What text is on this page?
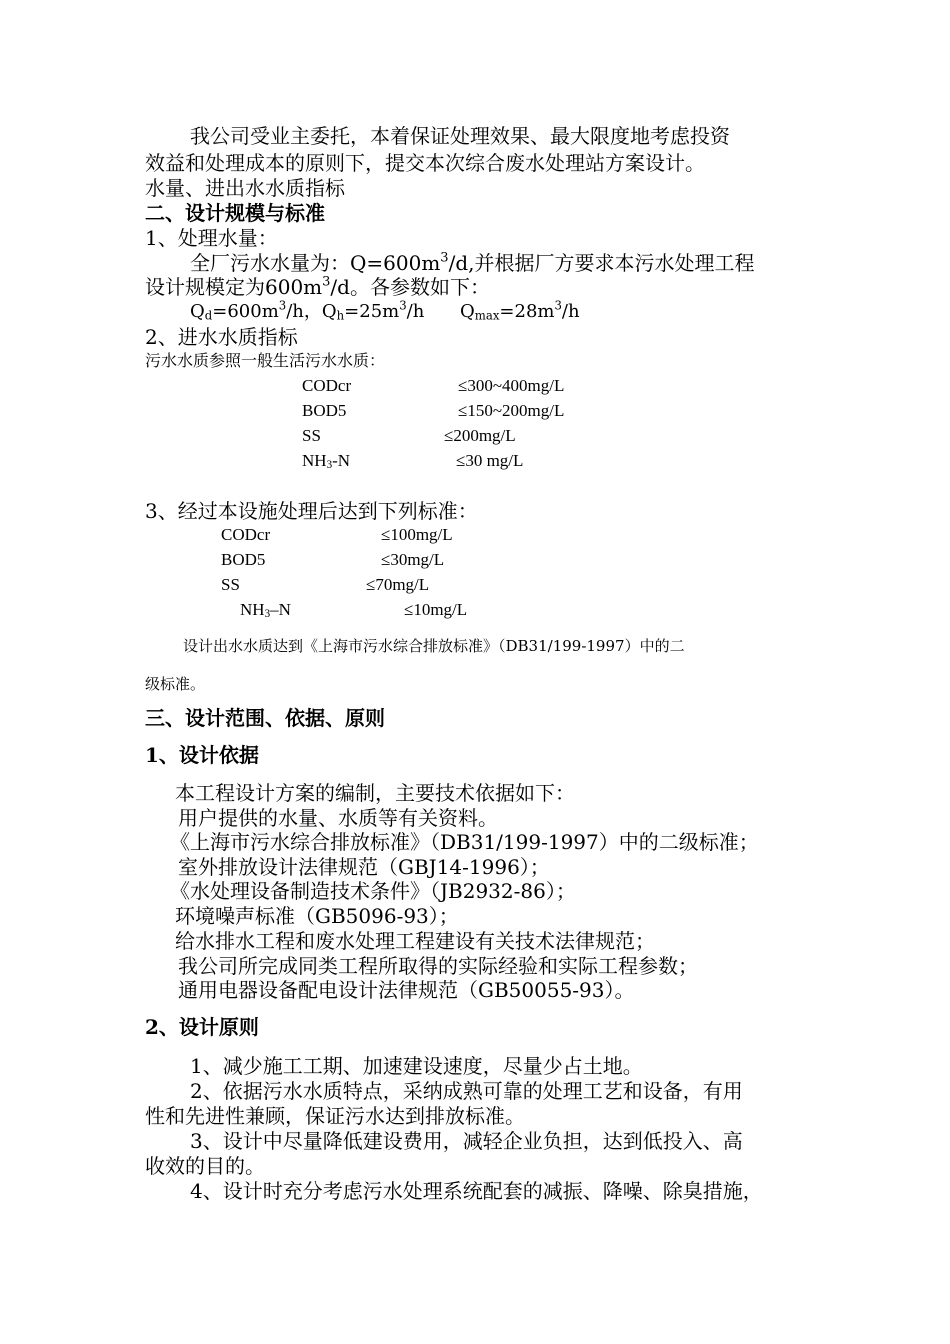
我公司受业主委托，本着保证处理效果、最大限度地考虑投资
效益和处理成本的原则下，提交本次综合废水处理站方案设计。
水量、进出水水质指标
二、设计规模与标准
1、处理水量：
全厂污水水量为：$Q=600m^3/d$,并根据厂方要求本污水处理工程
设计规模定为$600m^3/d$。各参数如下：
$Q_d=600m^3/h$，$Q_h=25m^3/h$ $Q_{max}=28m^3/h$
2、进水水质指标
污水水质参照一般生活污水水质：
CODcr	≤300~400mg/L
BOD5	≤150~200mg/L
SS	≤200mg/L
$NH_3-N$	≤30 mg/L
3、经过本设施处理后达到下列标准：
CODcr	≤100mg/L
BOD5	≤30mg/L
SS	≤70mg/L
$NH_3-N$	≤10mg/L
设计出水水质达到《上海市污水综合排放标准》（DB31/199-1997）中的二
级标准。
三、设计范围、依据、原则
1、设计依据
本工程设计方案的编制，主要技术依据如下：
用户提供的水量、水质等有关资料。
《上海市污水综合排放标准》（DB31/199-1997）中的二级标准；
室外排放设计法律规范（GBJ14-1996）；
《水处理设备制造技术条件》（JB2932-86）；
环境噪声标准（GB5096-93）；
给水排水工程和废水处理工程建设有关技术法律规范；
我公司所完成同类工程所取得的实际经验和实际工程参数；
通用电器设备配电设计法律规范（GB50055-93）。
2、设计原则
1、减少施工工期、加速建设速度，尽量少占土地。
2、依据污水水质特点，采纳成熟可靠的处理工艺和设备，有用
性和先进性兼顾，保证污水达到排放标准。
3、设计中尽量降低建设费用，减轻企业负担，达到低投入、高
收效的目的。
4、设计时充分考虑污水处理系统配套的减振、降噪、除臭措施，
